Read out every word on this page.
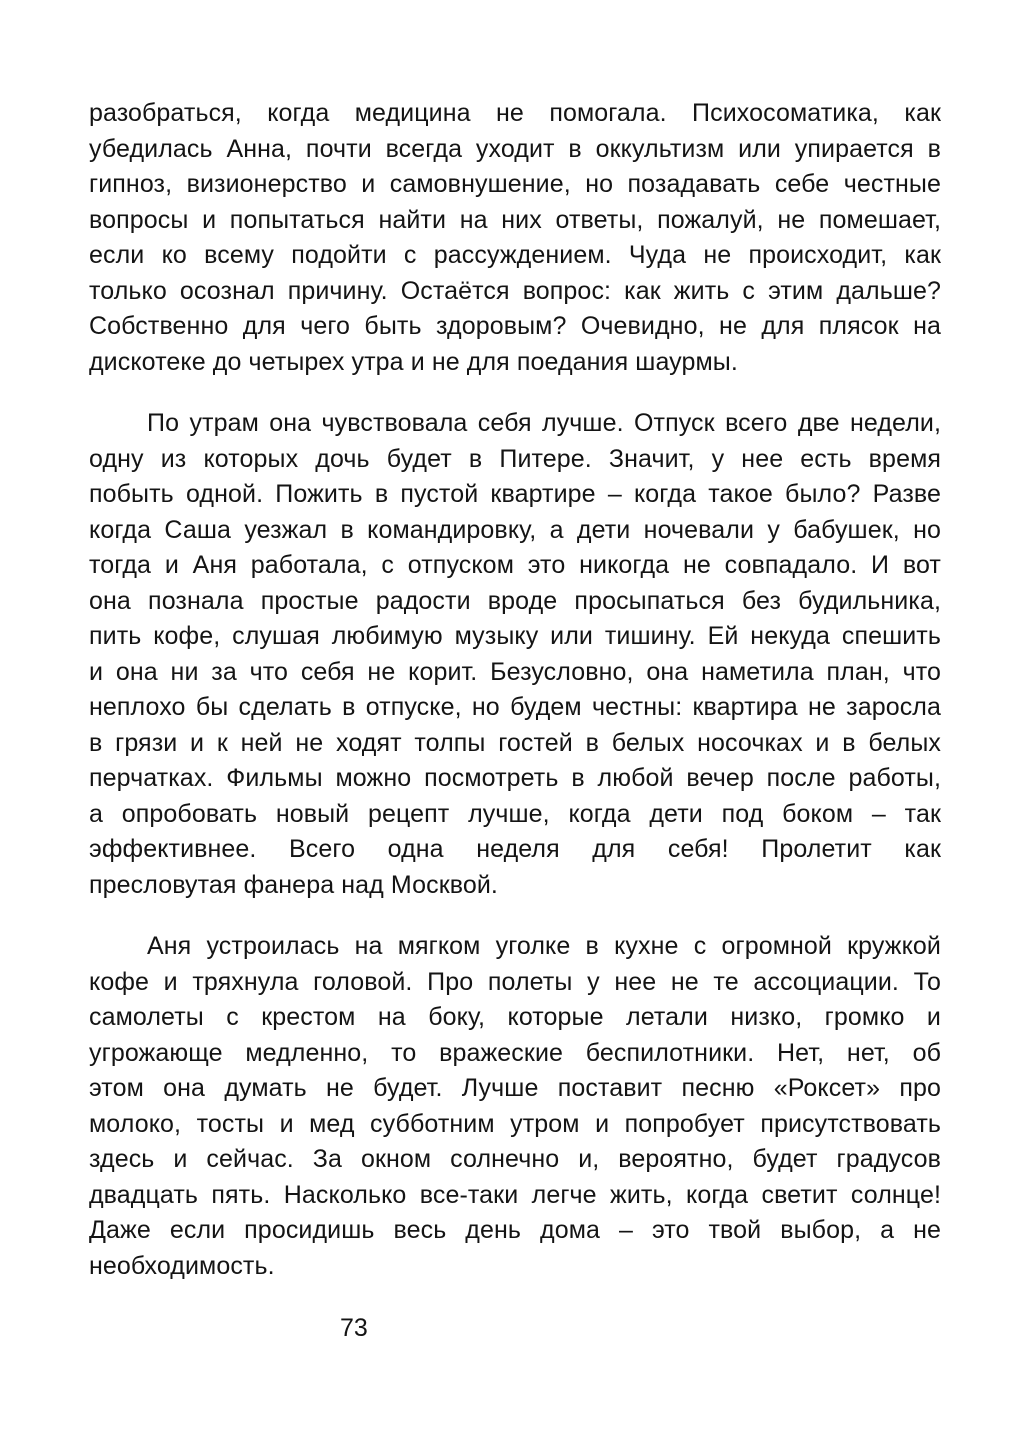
разобраться, когда медицина не помогала. Психосоматика, как
убедилась Анна, почти всегда уходит в оккультизм или упирается в
гипноз, визионерство и самовнушение, но позадавать себе честные
вопросы и попытаться найти на них ответы, пожалуй, не помешает,
если ко всему подойти с рассуждением. Чуда не происходит, как
только осознал причину. Остаётся вопрос: как жить с этим дальше?
Собственно для чего быть здоровым? Очевидно, не для плясок на
дискотеке до четырех утра и не для поедания шаурмы.
По утрам она чувствовала себя лучше. Отпуск всего две недели,
одну из которых дочь будет в Питере. Значит, у нее есть время
побыть одной. Пожить в пустой квартире – когда такое было? Разве
когда Саша уезжал в командировку, а дети ночевали у бабушек, но
тогда и Аня работала, с отпуском это никогда не совпадало. И вот
она познала простые радости вроде просыпаться без будильника,
пить кофе, слушая любимую музыку или тишину. Ей некуда спешить
и она ни за что себя не корит. Безусловно, она наметила план, что
неплохо бы сделать в отпуске, но будем честны: квартира не заросла
в грязи и к ней не ходят толпы гостей в белых носочках и в белых
перчатках. Фильмы можно посмотреть в любой вечер после работы,
а опробовать новый рецепт лучше, когда дети под боком – так
эффективнее. Всего одна неделя для себя! Пролетит как
пресловутая фанера над Москвой.
Аня устроилась на мягком уголке в кухне с огромной кружкой
кофе и тряхнула головой. Про полеты у нее не те ассоциации. То
самолеты с крестом на боку, которые летали низко, громко и
угрожающе медленно, то вражеские беспилотники. Нет, нет, об
этом она думать не будет. Лучше поставит песню «Роксет» про
молоко, тосты и мед субботним утром и попробует присутствовать
здесь и сейчас. За окном солнечно и, вероятно, будет градусов
двадцать пять. Насколько все-таки легче жить, когда светит солнце!
Даже если просидишь весь день дома – это твой выбор, а не
необходимость.
73
